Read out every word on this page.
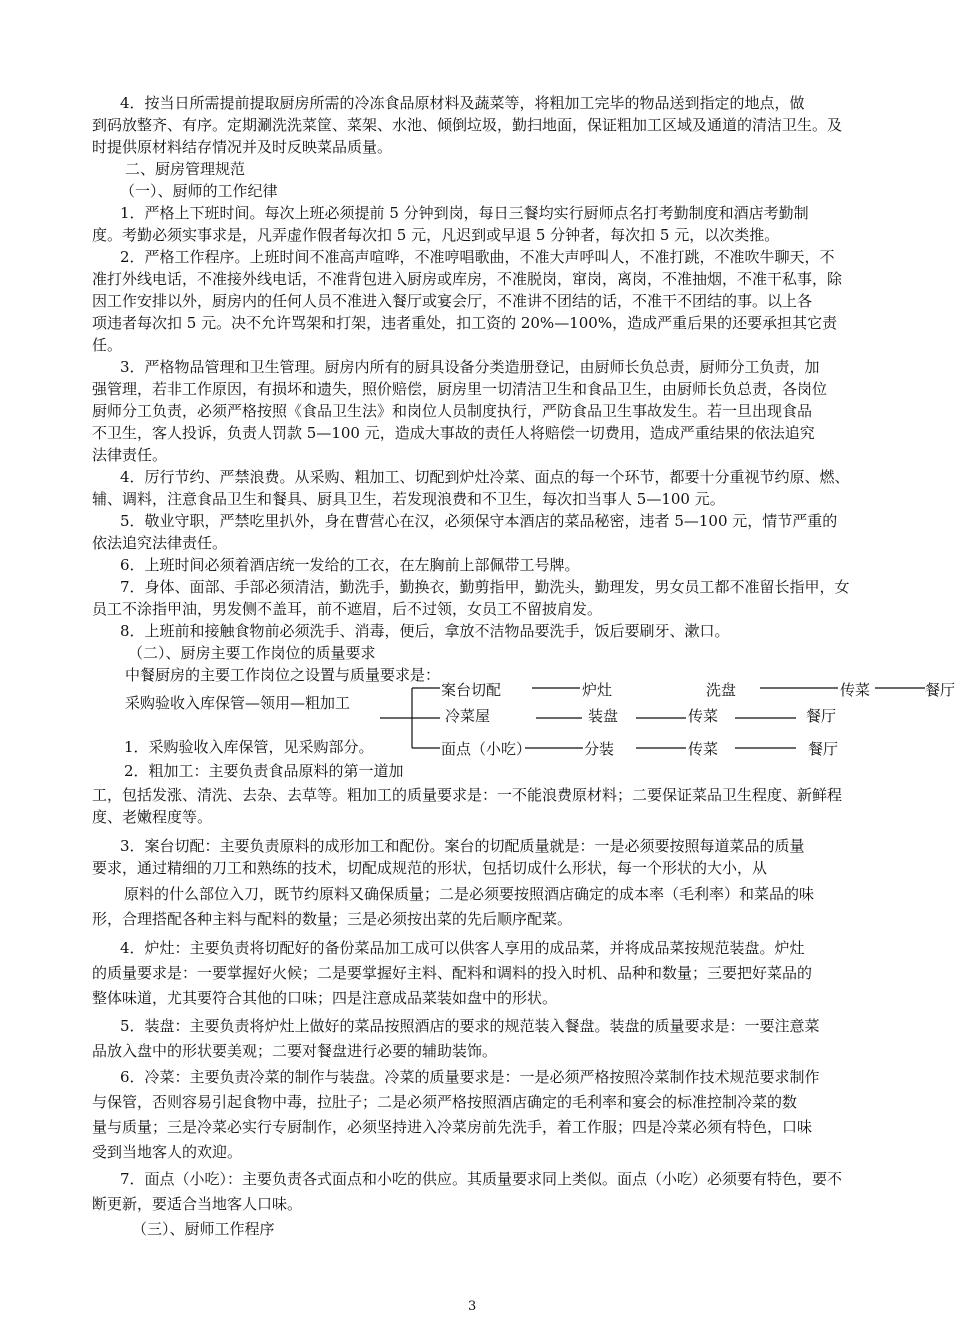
4．按当日所需提前提取厨房所需的冷冻食品原材料及蔬菜等，将粗加工完毕的物品送到指定的地点，做
到码放整齐、有序。定期涮洗洗菜筐、菜架、水池、倾倒垃圾，勤扫地面，保证粗加工区域及通道的清洁卫生。及
时提供原材料结存情况并及时反映菜品质量。
二、厨房管理规范
（一）、厨师的工作纪律
1．严格上下班时间。每次上班必须提前 5 分钟到岗，每日三餐均实行厨师点名打考勤制度和酒店考勤制
度。考勤必须实事求是，凡弄虚作假者每次扣 5 元，凡迟到或早退 5 分钟者，每次扣 5 元，以次类推。
2．严格工作程序。上班时间不准高声喧哗，不准哼唱歌曲，不准大声呼叫人，不准打跳，不准吹牛聊天，不
准打外线电话，不准接外线电话，不准背包进入厨房或库房，不准脱岗，窜岗，离岗，不准抽烟，不准干私事，除
因工作安排以外，厨房内的任何人员不准进入餐厅或宴会厅，不准讲不团结的话，不准干不团结的事。以上各
项违者每次扣 5 元。决不允许骂架和打架，违者重处，扣工资的 20%—100%，造成严重后果的还要承担其它责
任。
3．严格物品管理和卫生管理。厨房内所有的厨具设备分类造册登记，由厨师长负总责，厨师分工负责，加
强管理，若非工作原因，有损坏和遗失，照价赔偿，厨房里一切清洁卫生和食品卫生，由厨师长负总责，各岗位
厨师分工负责，必须严格按照《食品卫生法》和岗位人员制度执行，严防食品卫生事故发生。若一旦出现食品
不卫生，客人投诉，负责人罚款 5—100 元，造成大事故的责任人将赔偿一切费用，造成严重结果的依法追究
法律责任。
4．厉行节约、严禁浪费。从采购、粗加工、切配到炉灶冷菜、面点的每一个环节，都要十分重视节约原、燃、
辅、调料，注意食品卫生和餐具、厨具卫生，若发现浪费和不卫生，每次扣当事人 5—100 元。
5．敬业守职，严禁吃里扒外，身在曹营心在汉，必须保守本酒店的菜品秘密，违者 5—100 元，情节严重的
依法追究法律责任。
6．上班时间必须着酒店统一发给的工衣，在左胸前上部佩带工号牌。
7．身体、面部、手部必须清洁，勤洗手，勤换衣，勤剪指甲，勤洗头，勤理发，男女员工都不准留长指甲，女
员工不涂指甲油，男发侧不盖耳，前不遮眉，后不过领，女员工不留披肩发。
8．上班前和接触食物前必须洗手、消毒，便后，拿放不洁物品要洗手，饭后要刷牙、漱口。
（二）、厨房主要工作岗位的质量要求
中餐厨房的主要工作岗位之设置与质量要求是：
采购验收入库保管—领用—粗加工
案台切配	炉灶	洗盘	传菜	餐厅
冷菜屋	装盘	传菜	餐厅
面点（小吃）	分装	传菜	餐厅
1．采购验收入库保管，见采购部分。
2．粗加工：主要负责食品原料的第一道加
工，包括发涨、清洗、去杂、去草等。粗加工的质量要求是：一不能浪费原材料；二要保证菜品卫生程度、新鲜程
度、老嫩程度等。
3．案台切配：主要负责原料的成形加工和配份。案台的切配质量就是：一是必须要按照每道菜品的质量
要求，通过精细的刀工和熟练的技术，切配成规范的形状，包括切成什么形状，每一个形状的大小，从
原料的什么部位入刀，既节约原料又确保质量；二是必须要按照酒店确定的成本率（毛利率）和菜品的味
形，合理搭配各种主料与配料的数量；三是必须按出菜的先后顺序配菜。
4．炉灶：主要负责将切配好的备份菜品加工成可以供客人享用的成品菜，并将成品菜按规范装盘。炉灶
的质量要求是：一要掌握好火候；二是要掌握好主料、配料和调料的投入时机、品种和数量；三要把好菜品的
整体味道，尤其要符合其他的口味；四是注意成品菜装如盘中的形状。
5．装盘：主要负责将炉灶上做好的菜品按照酒店的要求的规范装入餐盘。装盘的质量要求是：一要注意菜
品放入盘中的形状要美观；二要对餐盘进行必要的辅助装饰。
6．冷菜：主要负责冷菜的制作与装盘。冷菜的质量要求是：一是必须严格按照冷菜制作技术规范要求制作
与保管，否则容易引起食物中毒，拉肚子；二是必须严格按照酒店确定的毛利率和宴会的标准控制冷菜的数
量与质量；三是冷菜必实行专厨制作，必须坚持进入冷菜房前先洗手，着工作服；四是冷菜必须有特色，口味
受到当地客人的欢迎。
7．面点（小吃）：主要负责各式面点和小吃的供应。其质量要求同上类似。面点（小吃）必须要有特色，要不
断更新，要适合当地客人口味。
（三）、厨师工作程序
3
